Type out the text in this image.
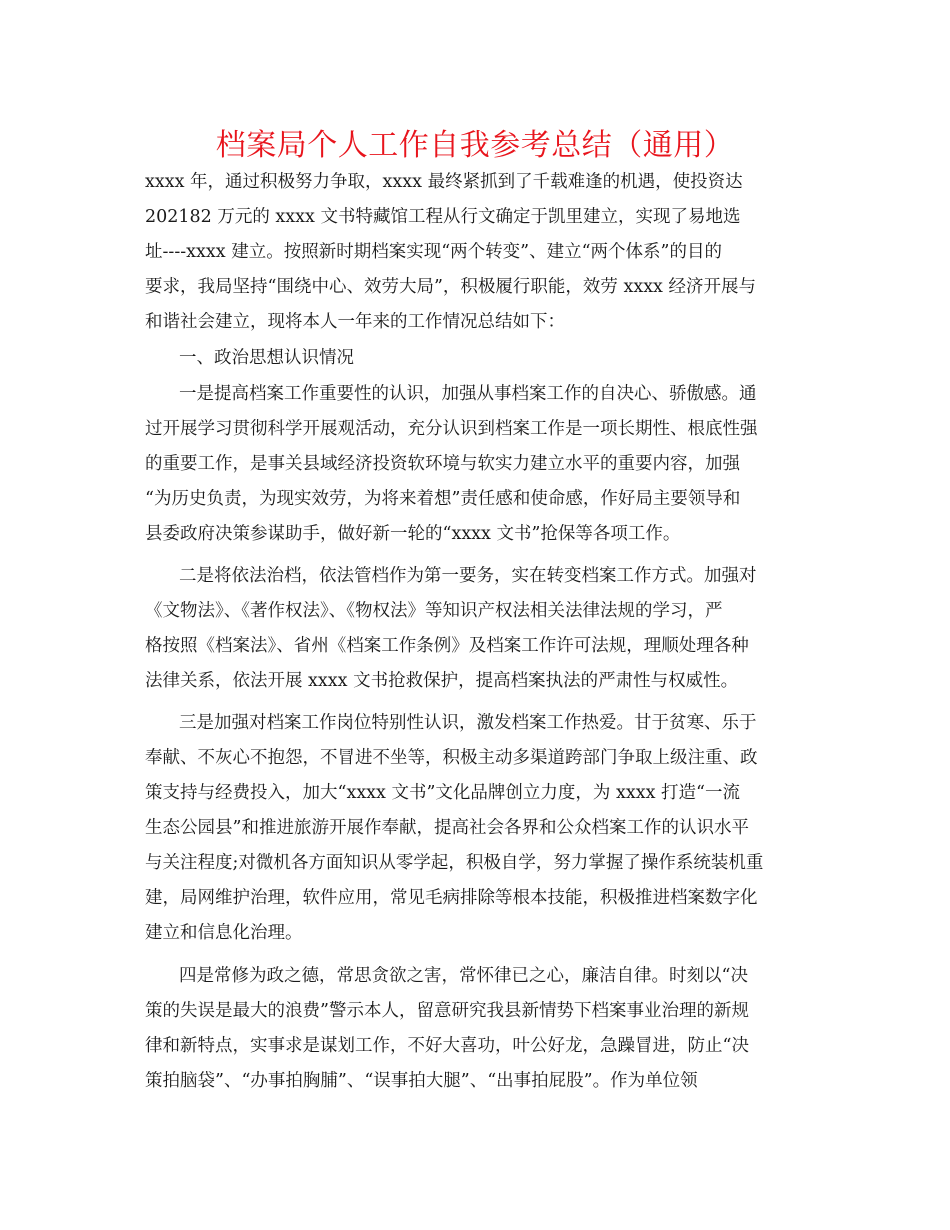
档案局个人工作自我参考总结（通用）
xxxx 年，通过积极努力争取，xxxx 最终紧抓到了千载难逢的机遇，使投资达
202182 万元的 xxxx 文书特藏馆工程从行文确定于凯里建立，实现了易地选
址----xxxx 建立。按照新时期档案实现“两个转变”、建立“两个体系”的目的
要求，我局坚持“围绕中心、效劳大局”，积极履行职能，效劳 xxxx 经济开展与
和谐社会建立，现将本人一年来的工作情况总结如下：
一、政治思想认识情况
一是提高档案工作重要性的认识，加强从事档案工作的自决心、骄傲感。通
过开展学习贯彻科学开展观活动，充分认识到档案工作是一项长期性、根底性强
的重要工作，是事关县域经济投资软环境与软实力建立水平的重要内容，加强
“为历史负责，为现实效劳，为将来着想”责任感和使命感，作好局主要领导和
县委政府决策参谋助手，做好新一轮的“xxxx 文书”抢保等各项工作。
二是将依法治档，依法管档作为第一要务，实在转变档案工作方式。加强对
《文物法》、《著作权法》、《物权法》等知识产权法相关法律法规的学习，严
格按照《档案法》、省州《档案工作条例》及档案工作许可法规，理顺处理各种
法律关系，依法开展 xxxx 文书抢救保护，提高档案执法的严肃性与权威性。
三是加强对档案工作岗位特别性认识，激发档案工作热爱。甘于贫寒、乐于
奉献、不灰心不抱怨，不冒进不坐等，积极主动多渠道跨部门争取上级注重、政
策支持与经费投入，加大“xxxx 文书”文化品牌创立力度，为 xxxx 打造“一流
生态公园县”和推进旅游开展作奉献，提高社会各界和公众档案工作的认识水平
与关注程度;对微机各方面知识从零学起，积极自学，努力掌握了操作系统装机重
建，局网维护治理，软件应用，常见毛病排除等根本技能，积极推进档案数字化
建立和信息化治理。
四是常修为政之德，常思贪欲之害，常怀律已之心，廉洁自律。时刻以“决
策的失误是最大的浪费”警示本人，留意研究我县新情势下档案事业治理的新规
律和新特点，实事求是谋划工作，不好大喜功，叶公好龙，急躁冒进，防止“决
策拍脑袋”、“办事拍胸脯”、“误事拍大腿”、“出事拍屁股”。作为单位领
